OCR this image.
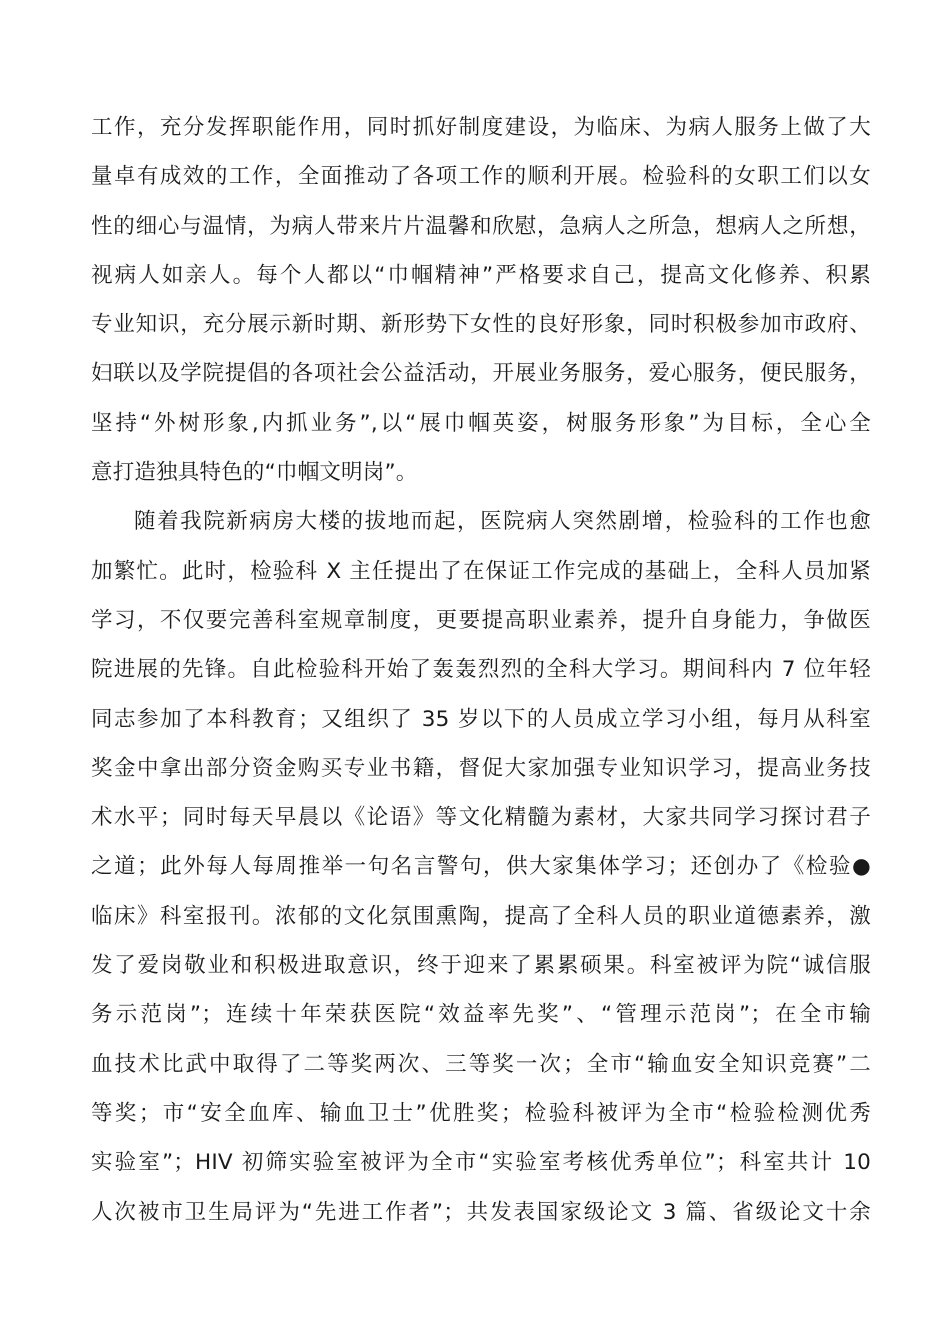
工作，充分发挥职能作用，同时抓好制度建设，为临床、为病人服务上做了大
量卓有成效的工作，全面推动了各项工作的顺利开展。检验科的女职工们以女
性的细心与温情，为病人带来片片温馨和欣慰，急病人之所急，想病人之所想，
视病人如亲人。每个人都以“巾帼精神”严格要求自己，提高文化修养、积累
专业知识，充分展示新时期、新形势下女性的良好形象，同时积极参加市政府、
妇联以及学院提倡的各项社会公益活动，开展业务服务，爱心服务，便民服务，
坚持“外树形象,内抓业务”,以“展巾帼英姿，树服务形象”为目标，全心全
意打造独具特色的“巾帼文明岗”。
随着我院新病房大楼的拔地而起，医院病人突然剧增，检验科的工作也愈
加繁忙。此时，检验科 X 主任提出了在保证工作完成的基础上，全科人员加紧
学习，不仅要完善科室规章制度，更要提高职业素养，提升自身能力，争做医
院进展的先锋。自此检验科开始了轰轰烈烈的全科大学习。期间科内 7 位年轻
同志参加了本科教育；又组织了 35 岁以下的人员成立学习小组，每月从科室
奖金中拿出部分资金购买专业书籍，督促大家加强专业知识学习，提高业务技
术水平；同时每天早晨以《论语》等文化精髓为素材，大家共同学习探讨君子
之道；此外每人每周推举一句名言警句，供大家集体学习；还创办了《检验●
临床》科室报刊。浓郁的文化氛围熏陶，提高了全科人员的职业道德素养，激
发了爱岗敬业和积极进取意识，终于迎来了累累硕果。科室被评为院“诚信服
务示范岗”；连续十年荣获医院“效益率先奖”、“管理示范岗”；在全市输
血技术比武中取得了二等奖两次、三等奖一次；全市“输血安全知识竞赛”二
等奖；市“安全血库、输血卫士”优胜奖；检验科被评为全市“检验检测优秀
实验室”；HIV 初筛实验室被评为全市“实验室考核优秀单位”；科室共计 10
人次被市卫生局评为“先进工作者”；共发表国家级论文 3 篇、省级论文十余
